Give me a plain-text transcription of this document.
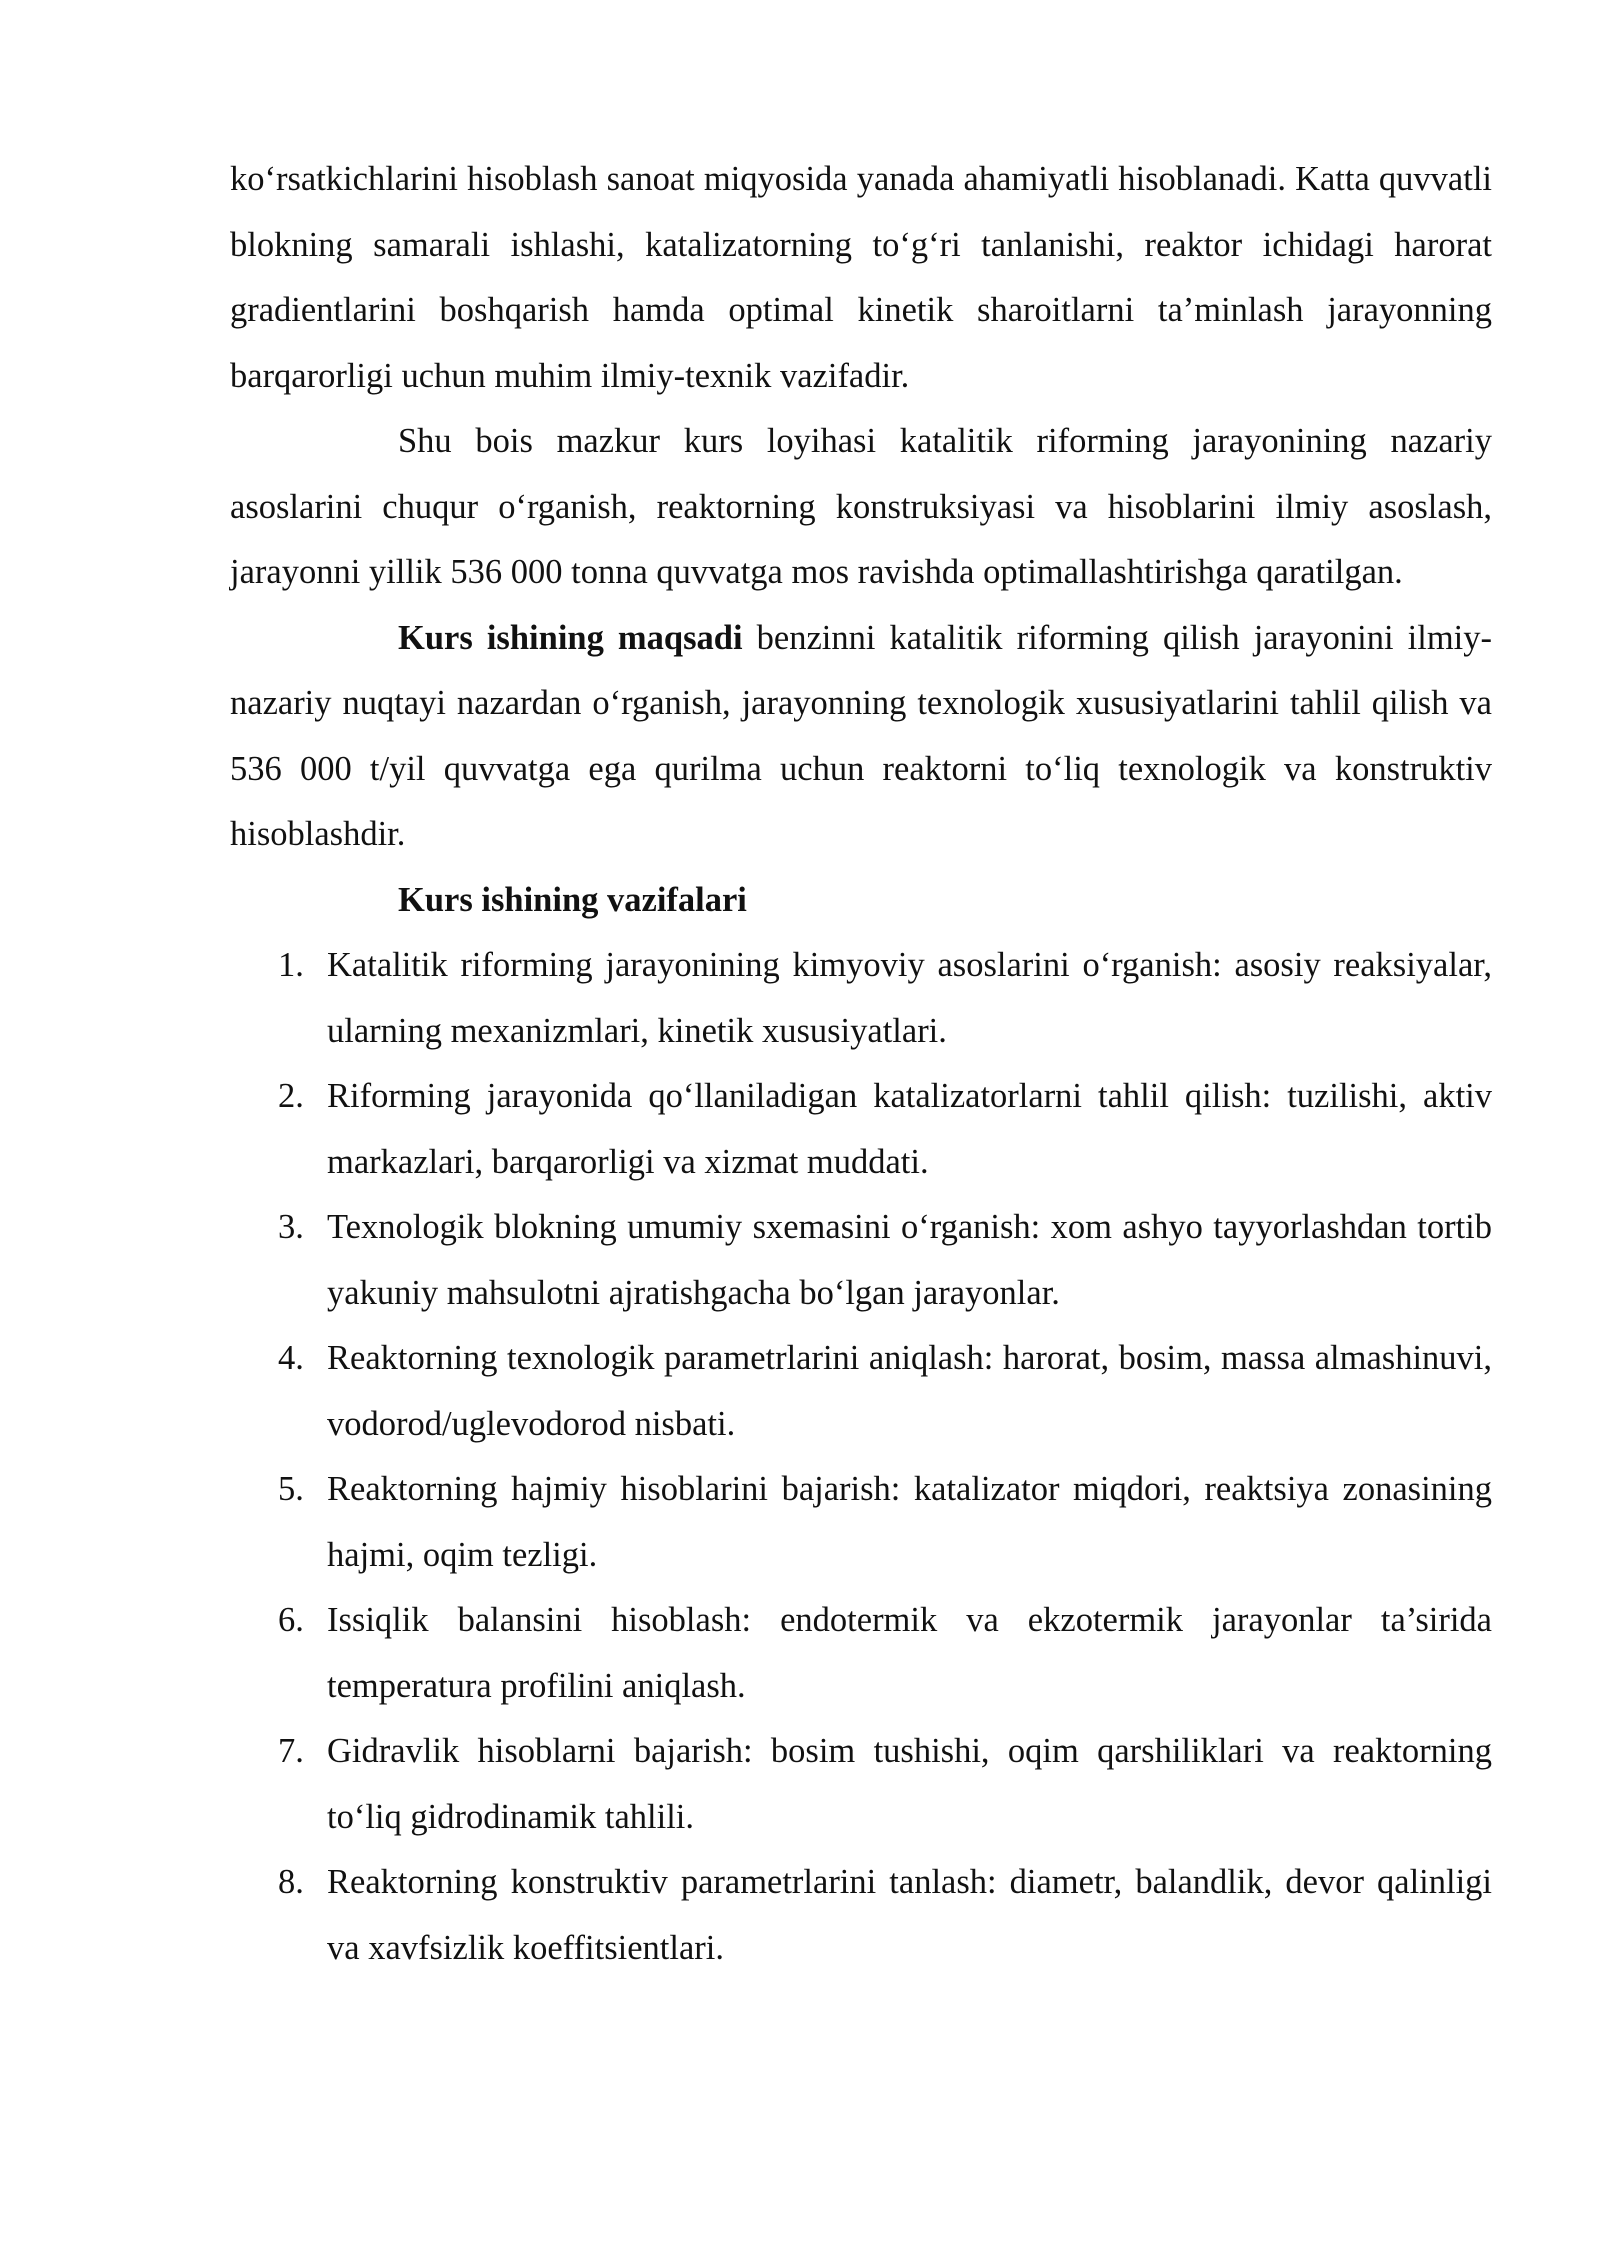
ko‘rsatkichlarini hisoblash sanoat miqyosida yanada ahamiyatli hisoblanadi. Katta quvvatli blokning samarali ishlashi, katalizatorning to‘g‘ri tanlanishi, reaktor ichidagi harorat gradientlarini boshqarish hamda optimal kinetik sharoitlarni ta’minlash jarayonning barqarorligi uchun muhim ilmiy-texnik vazifadir.

Shu bois mazkur kurs loyihasi katalitik riforming jarayonining nazariy asoslarini chuqur o‘rganish, reaktorning konstruksiyasi va hisoblarini ilmiy asoslash, jarayonni yillik 536 000 tonna quvvatga mos ravishda optimallashtirishga qaratilgan.

Kurs ishining maqsadi benzinni katalitik riforming qilish jarayonini ilmiy-nazariy nuqtayi nazardan o‘rganish, jarayonning texnologik xususiyatlarini tahlil qilish va 536 000 t/yil quvvatga ega qurilma uchun reaktorni to‘liq texnologik va konstruktiv hisoblashdir.

Kurs ishining vazifalari

1. Katalitik riforming jarayonining kimyoviy asoslarini o‘rganish: asosiy reaksiyalar, ularning mexanizmlari, kinetik xususiyatlari.
2. Riforming jarayonida qo‘llaniladigan katalizatorlarni tahlil qilish: tuzilishi, aktiv markazlari, barqarorligi va xizmat muddati.
3. Texnologik blokning umumiy sxemasini o‘rganish: xom ashyo tayyorlashdan tortib yakuniy mahsulotni ajratishgacha bo‘lgan jarayonlar.
4. Reaktorning texnologik parametrlarini aniqlash: harorat, bosim, massa almashinuvi, vodorod/uglevodorod nisbati.
5. Reaktorning hajmiy hisoblarini bajarish: katalizator miqdori, reaktsiya zonasining hajmi, oqim tezligi.
6. Issiqlik balansini hisoblash: endotermik va ekzotermik jarayonlar ta’sirida temperatura profilini aniqlash.
7. Gidravlik hisoblarni bajarish: bosim tushishi, oqim qarshiliklari va reaktorning to‘liq gidrodinamik tahlili.
8. Reaktorning konstruktiv parametrlarini tanlash: diametr, balandlik, devor qalinligi va xavfsizlik koeffitsientlari.
